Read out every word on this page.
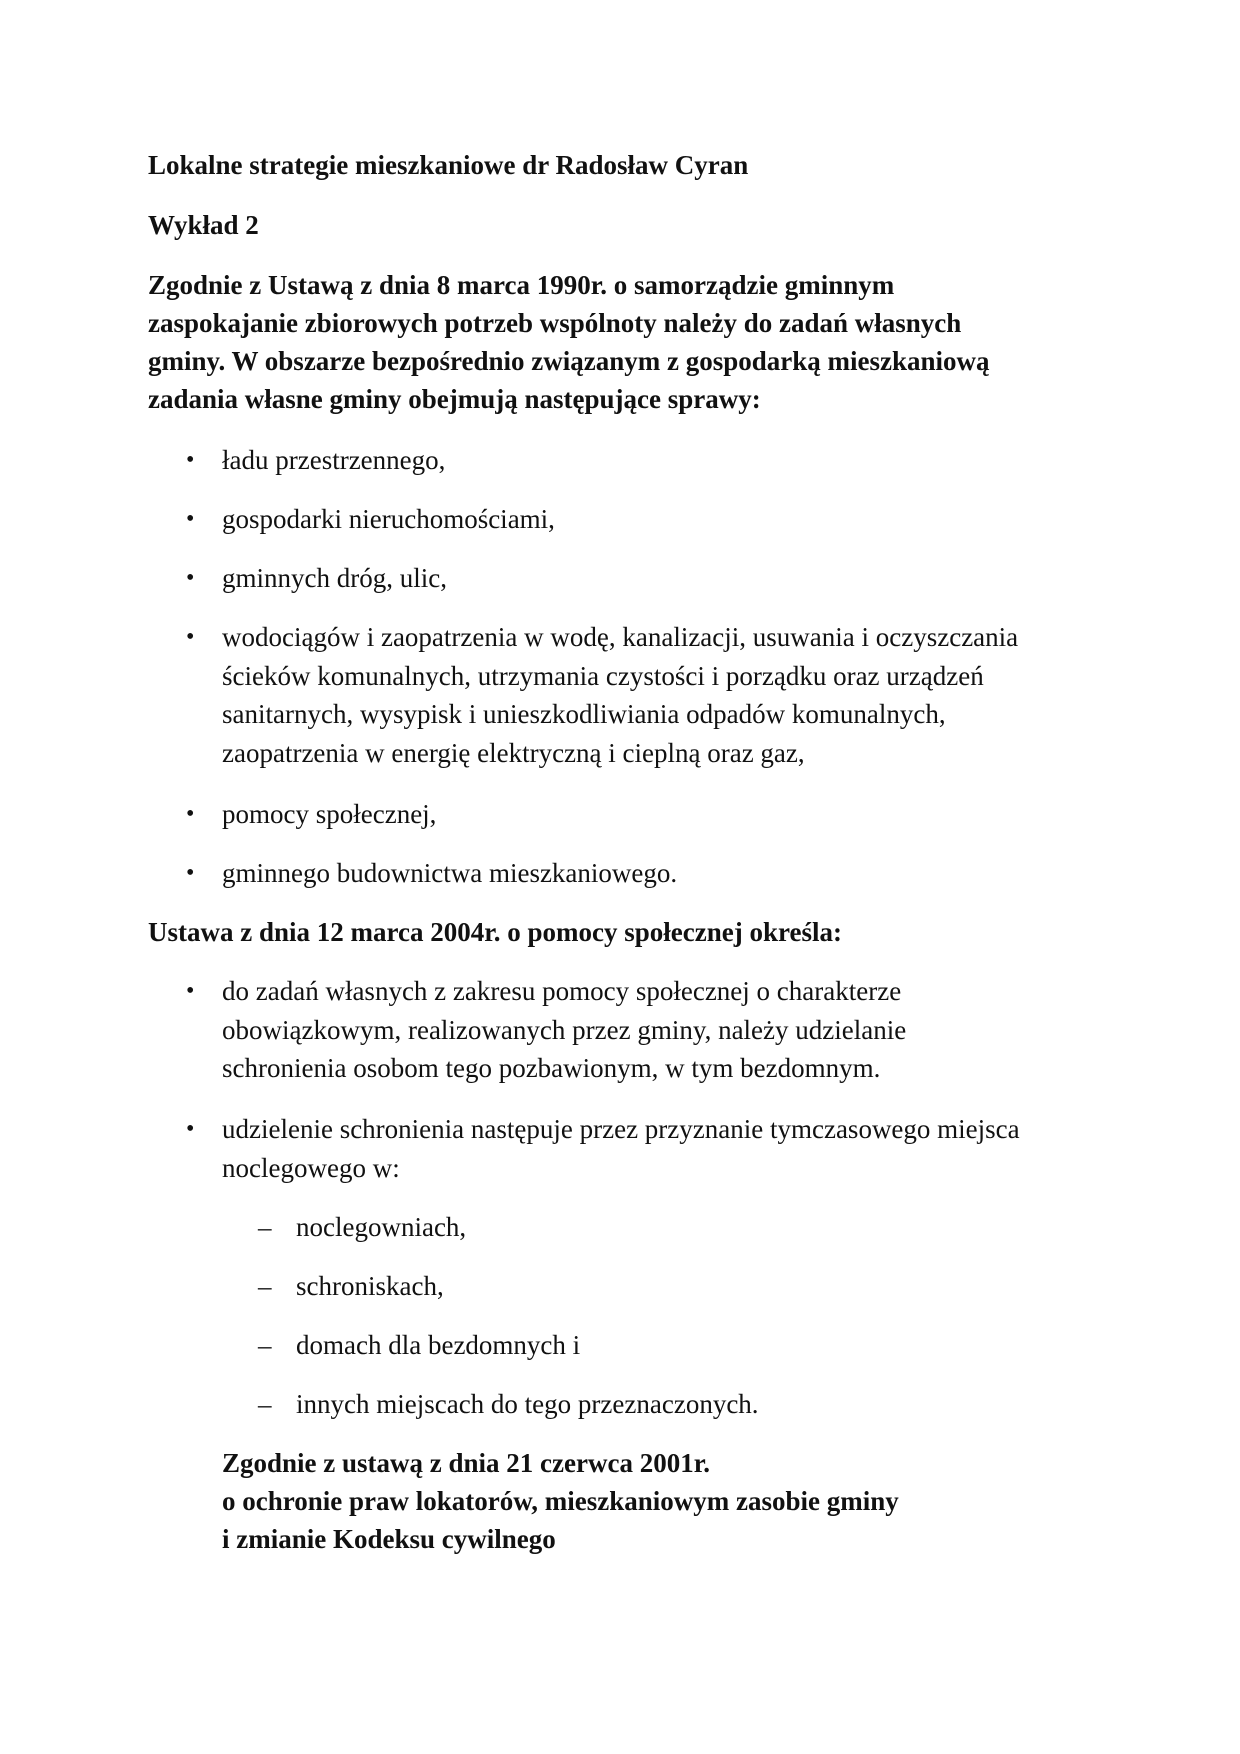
Lokalne strategie mieszkaniowe dr Radosław Cyran
Wykład 2
Zgodnie z Ustawą z dnia 8 marca 1990r. o samorządzie gminnym
zaspokajanie zbiorowych potrzeb wspólnoty należy do zadań własnych
gminy. W obszarze bezpośrednio związanym z gospodarką mieszkaniową
zadania własne gminy obejmują następujące sprawy:
• ładu przestrzennego,
• gospodarki nieruchomościami,
• gminnych dróg, ulic,
• wodociągów i zaopatrzenia w wodę, kanalizacji, usuwania i oczyszczania
ścieków komunalnych, utrzymania czystości i porządku oraz urządzeń
sanitarnych, wysypisk i unieszkodliwiania odpadów komunalnych,
zaopatrzenia w energię elektryczną i cieplną oraz gaz,
• pomocy społecznej,
• gminnego budownictwa mieszkaniowego.
Ustawa z dnia 12 marca 2004r. o pomocy społecznej określa:
• do zadań własnych z zakresu pomocy społecznej o charakterze
obowiązkowym, realizowanych przez gminy, należy udzielanie
schronienia osobom tego pozbawionym, w tym bezdomnym.
• udzielenie schronienia następuje przez przyznanie tymczasowego miejsca
noclegowego w:
– noclegowniach,
– schroniskach,
– domach dla bezdomnych i
– innych miejscach do tego przeznaczonych.
Zgodnie z ustawą z dnia 21 czerwca 2001r.
o ochronie praw lokatorów, mieszkaniowym zasobie gminy
i zmianie Kodeksu cywilnego
